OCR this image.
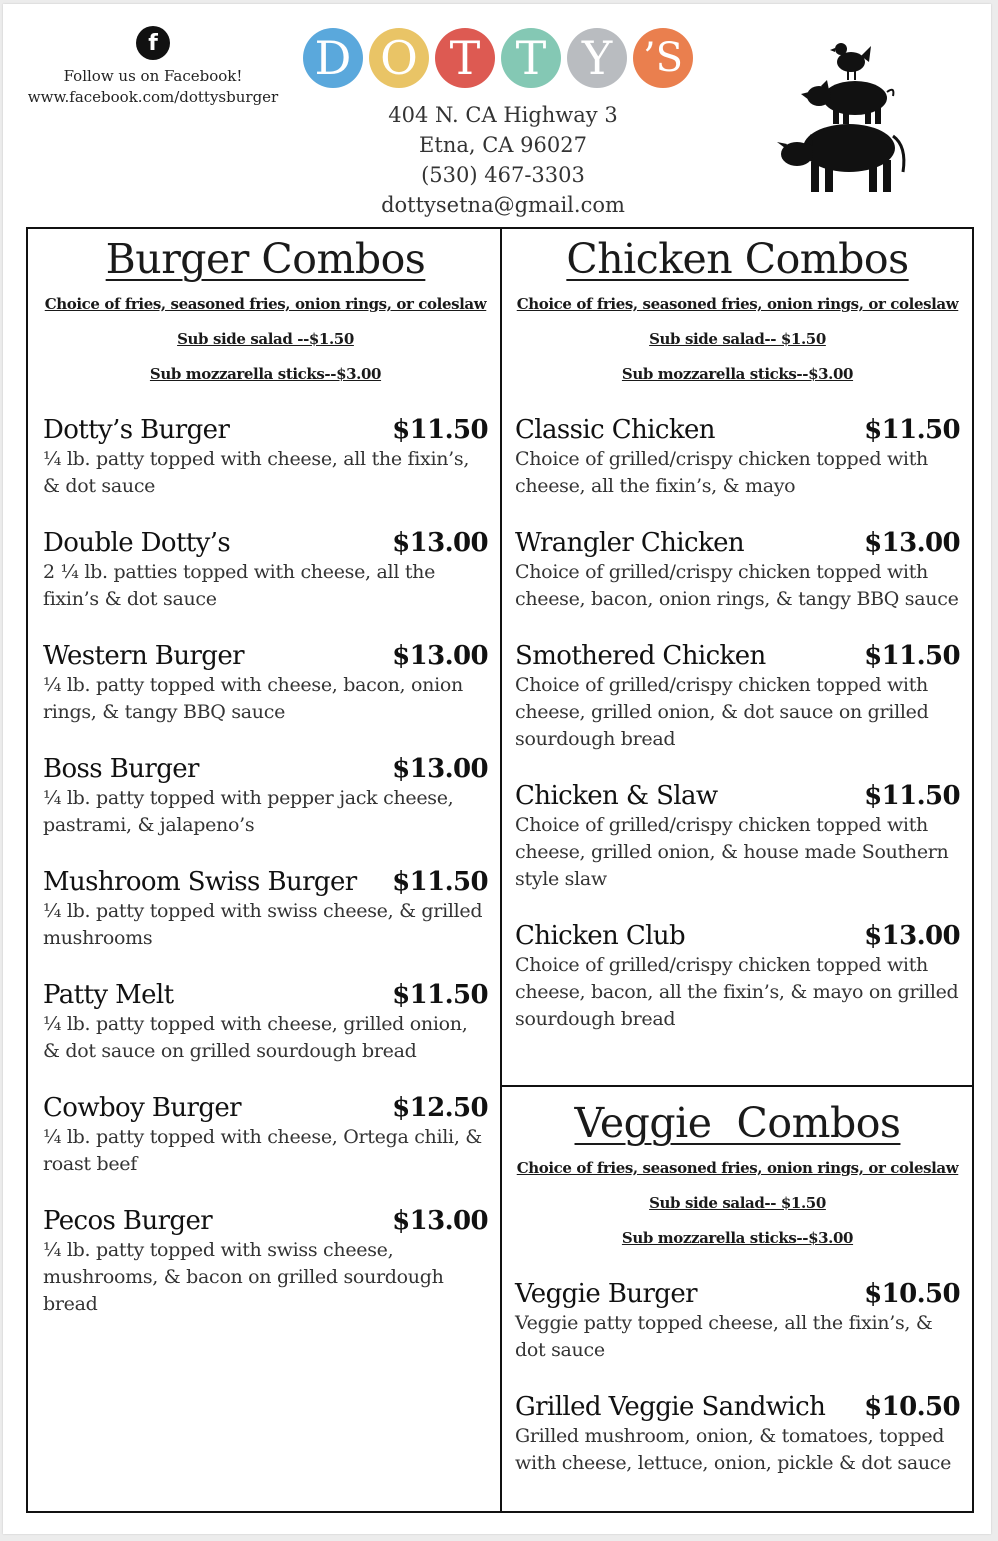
f
Follow us on Facebook!
www.facebook.com/dottysburger
D O T T Y ’S
404 N. CA Highway 3
Etna, CA 96027
(530) 467-3303
dottysetna@gmail.com
Burger Combos

Choice of fries, seasoned fries, onion rings, or coleslaw

Sub side salad --$1.50

Sub mozzarella sticks--$3.00

Dotty’s Burger	$11.50
¼ lb. patty topped with cheese, all the fixin’s, & dot sauce
Double Dotty’s	$13.00
2 ¼ lb. patties topped with cheese, all the fixin’s & dot sauce
Western Burger	$13.00
¼ lb. patty topped with cheese, bacon, onion rings, & tangy BBQ sauce
Boss Burger	$13.00
¼ lb. patty topped with pepper jack cheese, pastrami, & jalapeno’s
Mushroom Swiss Burger $11.50
¼ lb. patty topped with swiss cheese, & grilled mushrooms
Patty Melt	$11.50
¼ lb. patty topped with cheese, grilled onion, & dot sauce on grilled sourdough bread
Cowboy Burger	$12.50
¼ lb. patty topped with cheese, Ortega chili, & roast beef
Pecos Burger	$13.00
¼ lb. patty topped with swiss cheese, mushrooms, & bacon on grilled sourdough bread
Chicken Combos

Choice of fries, seasoned fries, onion rings, or coleslaw

Sub side salad-- $1.50

Sub mozzarella sticks--$3.00

Classic Chicken	$11.50
Choice of grilled/crispy chicken topped with cheese, all the fixin’s, & mayo
Wrangler Chicken	$13.00
Choice of grilled/crispy chicken topped with cheese, bacon, onion rings, & tangy BBQ sauce
Smothered Chicken	$11.50
Choice of grilled/crispy chicken topped with cheese, grilled onion, & dot sauce on grilled sourdough bread
Chicken & Slaw	$11.50
Choice of grilled/crispy chicken topped with cheese, grilled onion, & house made Southern style slaw
Chicken Club	$13.00
Choice of grilled/crispy chicken topped with cheese, bacon, all the fixin’s, & mayo on grilled sourdough bread
Veggie  Combos

Choice of fries, seasoned fries, onion rings, or coleslaw

Sub side salad-- $1.50

Sub mozzarella sticks--$3.00

Veggie Burger	$10.50
Veggie patty topped cheese, all the fixin’s, & dot sauce
Grilled Veggie Sandwich $10.50
Grilled mushroom, onion, & tomatoes, topped with cheese, lettuce, onion, pickle & dot sauce
